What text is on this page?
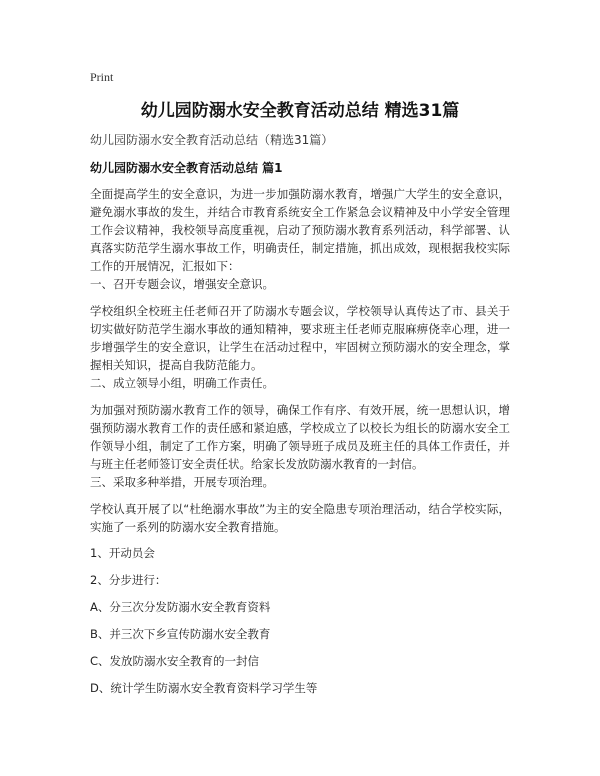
Print
幼儿园防溺水安全教育活动总结 精选31篇
幼儿园防溺水安全教育活动总结（精选31篇）
幼儿园防溺水安全教育活动总结 篇1

全面提高学生的安全意识，为进一步加强防溺水教育，增强广大学生的安全意识，避免溺水事故的发生，并结合市教育系统安全工作紧急会议精神及中小学安全管理工作会议精神，我校领导高度重视，启动了预防溺水教育系列活动，科学部署、认真落实防范学生溺水事故工作，明确责任，制定措施，抓出成效，现根据我校实际工作的开展情况，汇报如下：

一、召开专题会议，增强安全意识。

学校组织全校班主任老师召开了防溺水专题会议，学校领导认真传达了市、县关于切实做好防范学生溺水事故的通知精神，要求班主任老师克服麻痹侥幸心理，进一步增强学生的安全意识，让学生在活动过程中，牢固树立预防溺水的安全理念，掌握相关知识，提高自我防范能力。

二、成立领导小组，明确工作责任。

为加强对预防溺水教育工作的领导，确保工作有序、有效开展，统一思想认识，增强预防溺水教育工作的责任感和紧迫感，学校成立了以校长为组长的防溺水安全工作领导小组，制定了工作方案，明确了领导班子成员及班主任的具体工作责任，并与班主任老师签订安全责任状。给家长发放防溺水教育的一封信。

三、采取多种举措，开展专项治理。

学校认真开展了以“杜绝溺水事故”为主的安全隐患专项治理活动，结合学校实际，实施了一系列的防溺水安全教育措施。

1、开动员会
2、分步进行：
A、分三次分发防溺水安全教育资料
B、并三次下乡宣传防溺水安全教育
C、发放防溺水安全教育的一封信
D、统计学生防溺水安全教育资料学习学生等
